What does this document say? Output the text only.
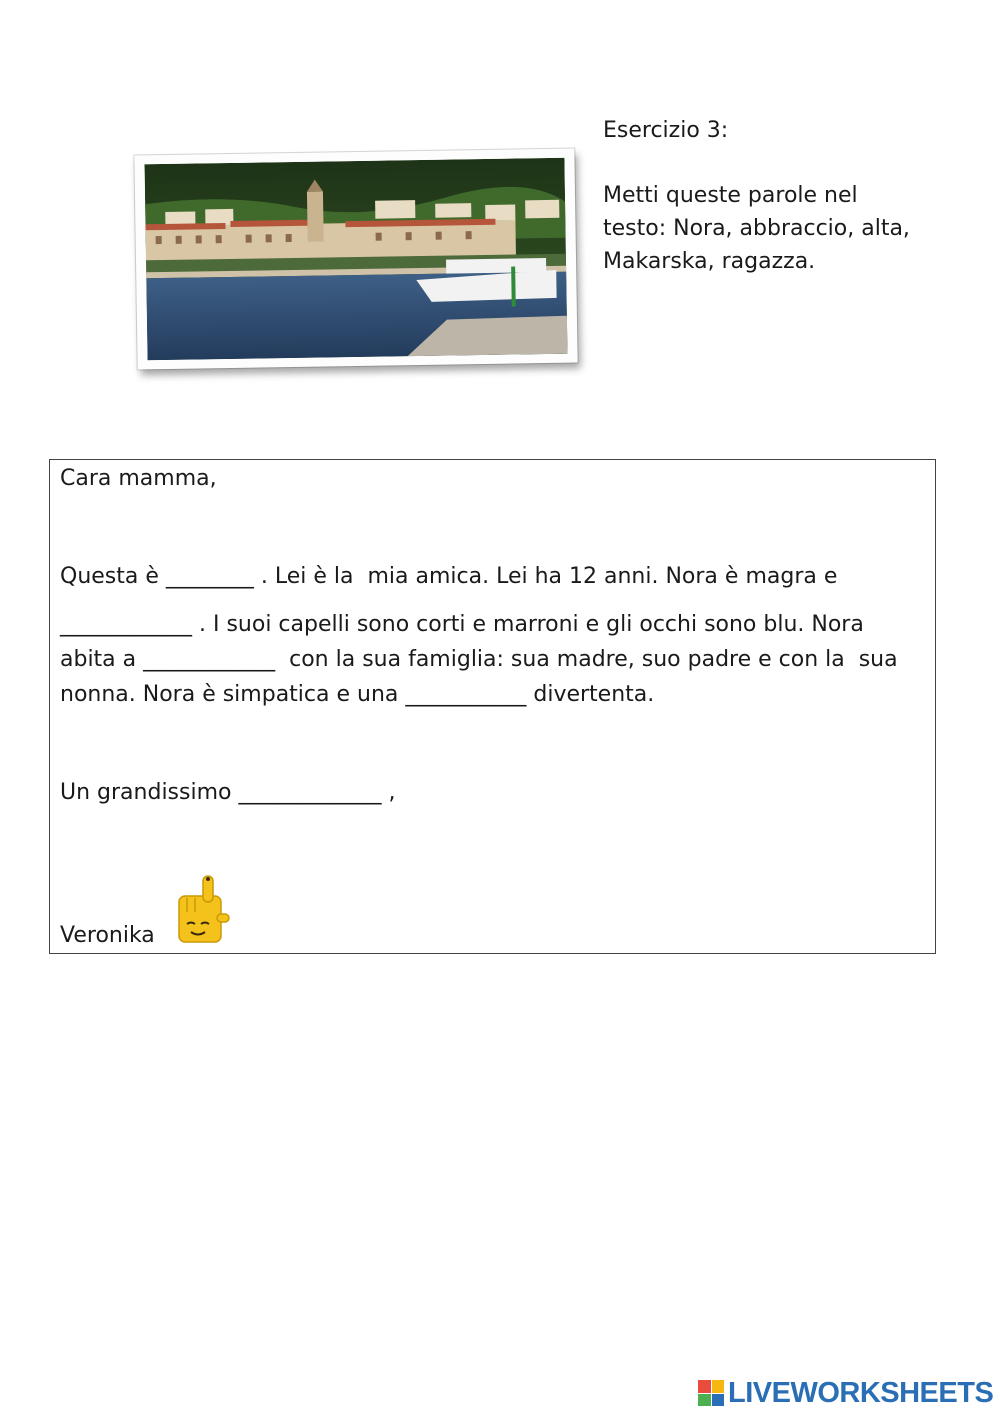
Esercizio 3:

Metti queste parole nel

testo: Nora, abbraccio, alta,

Makarska, ragazza.

Cara mamma,
Questa è ________ . Lei è la  mia amica. Lei ha 12 anni. Nora è magra e
____________ . I suoi capelli sono corti e marroni e gli occhi sono blu. Nora
abita a ____________  con la sua famiglia: sua madre, suo padre e con la  sua
nonna. Nora è simpatica e una ___________ divertenta.
Un grandissimo _____________ ,
Veronika
LIVEWORKSHEETS
